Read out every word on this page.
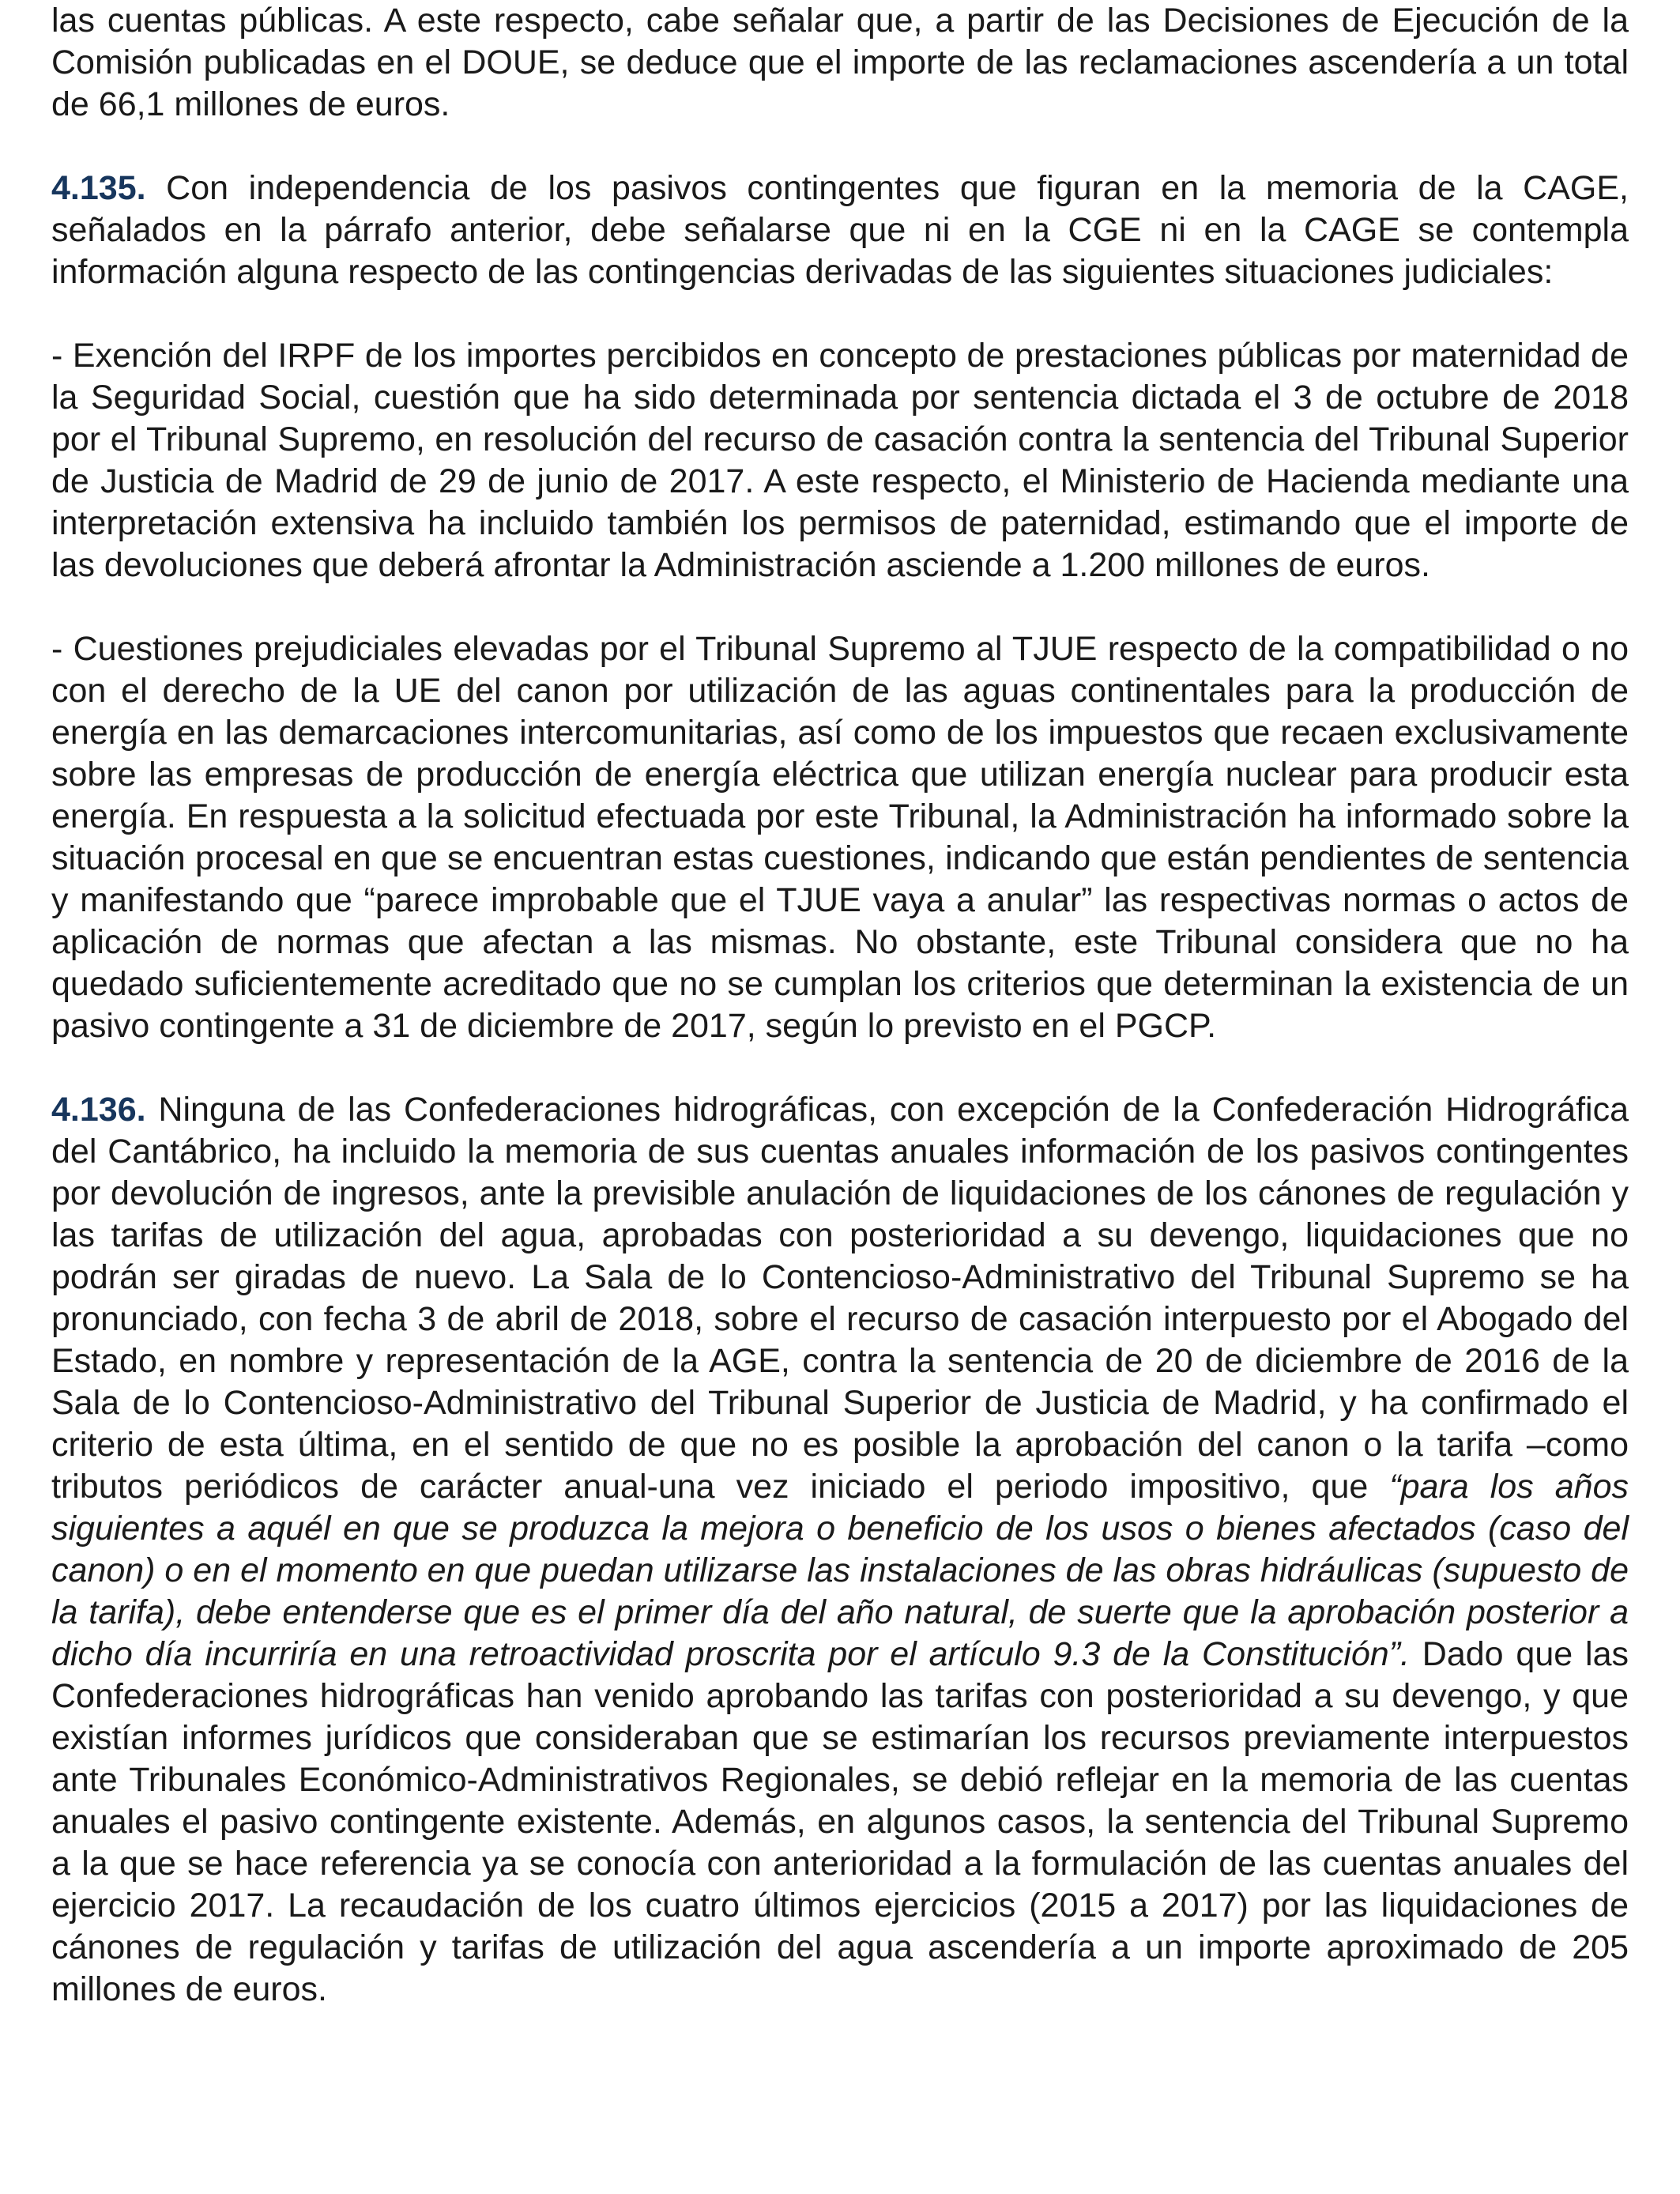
las cuentas públicas. A este respecto, cabe señalar que, a partir de las Decisiones de Ejecución de la Comisión publicadas en el DOUE, se deduce que el importe de las reclamaciones ascendería a un total de 66,1 millones de euros.

4.135. Con independencia de los pasivos contingentes que figuran en la memoria de la CAGE, señalados en la párrafo anterior, debe señalarse que ni en la CGE ni en la CAGE se contempla información alguna respecto de las contingencias derivadas de las siguientes situaciones judiciales:

- Exención del IRPF de los importes percibidos en concepto de prestaciones públicas por maternidad de la Seguridad Social, cuestión que ha sido determinada por sentencia dictada el 3 de octubre de 2018 por el Tribunal Supremo, en resolución del recurso de casación contra la sentencia del Tribunal Superior de Justicia de Madrid de 29 de junio de 2017. A este respecto, el Ministerio de Hacienda mediante una interpretación extensiva ha incluido también los permisos de paternidad, estimando que el importe de las devoluciones que deberá afrontar la Administración asciende a 1.200 millones de euros.

- Cuestiones prejudiciales elevadas por el Tribunal Supremo al TJUE respecto de la compatibilidad o no con el derecho de la UE del canon por utilización de las aguas continentales para la producción de energía en las demarcaciones intercomunitarias, así como de los impuestos que recaen exclusivamente sobre las empresas de producción de energía eléctrica que utilizan energía nuclear para producir esta energía. En respuesta a la solicitud efectuada por este Tribunal, la Administración ha informado sobre la situación procesal en que se encuentran estas cuestiones, indicando que están pendientes de sentencia y manifestando que “parece improbable que el TJUE vaya a anular” las respectivas normas o actos de aplicación de normas que afectan a las mismas. No obstante, este Tribunal considera que no ha quedado suficientemente acreditado que no se cumplan los criterios que determinan la existencia de un pasivo contingente a 31 de diciembre de 2017, según lo previsto en el PGCP.

4.136. Ninguna de las Confederaciones hidrográficas, con excepción de la Confederación Hidrográfica del Cantábrico, ha incluido la memoria de sus cuentas anuales información de los pasivos contingentes por devolución de ingresos, ante la previsible anulación de liquidaciones de los cánones de regulación y las tarifas de utilización del agua, aprobadas con posterioridad a su devengo, liquidaciones que no podrán ser giradas de nuevo. La Sala de lo Contencioso-Administrativo del Tribunal Supremo se ha pronunciado, con fecha 3 de abril de 2018, sobre el recurso de casación interpuesto por el Abogado del Estado, en nombre y representación de la AGE, contra la sentencia de 20 de diciembre de 2016 de la Sala de lo Contencioso-Administrativo del Tribunal Superior de Justicia de Madrid, y ha confirmado el criterio de esta última, en el sentido de que no es posible la aprobación del canon o la tarifa –como tributos periódicos de carácter anual-una vez iniciado el periodo impositivo, que “para los años siguientes a aquél en que se produzca la mejora o beneficio de los usos o bienes afectados (caso del canon) o en el momento en que puedan utilizarse las instalaciones de las obras hidráulicas (supuesto de la tarifa), debe entenderse que es el primer día del año natural, de suerte que la aprobación posterior a dicho día incurriría en una retroactividad proscrita por el artículo 9.3 de la Constitución”. Dado que las Confederaciones hidrográficas han venido aprobando las tarifas con posterioridad a su devengo, y que existían informes jurídicos que consideraban que se estimarían los recursos previamente interpuestos ante Tribunales Económico-Administrativos Regionales, se debió reflejar en la memoria de las cuentas anuales el pasivo contingente existente. Además, en algunos casos, la sentencia del Tribunal Supremo a la que se hace referencia ya se conocía con anterioridad a la formulación de las cuentas anuales del ejercicio 2017. La recaudación de los cuatro últimos ejercicios (2015 a 2017) por las liquidaciones de cánones de regulación y tarifas de utilización del agua ascendería a un importe aproximado de 205 millones de euros.
